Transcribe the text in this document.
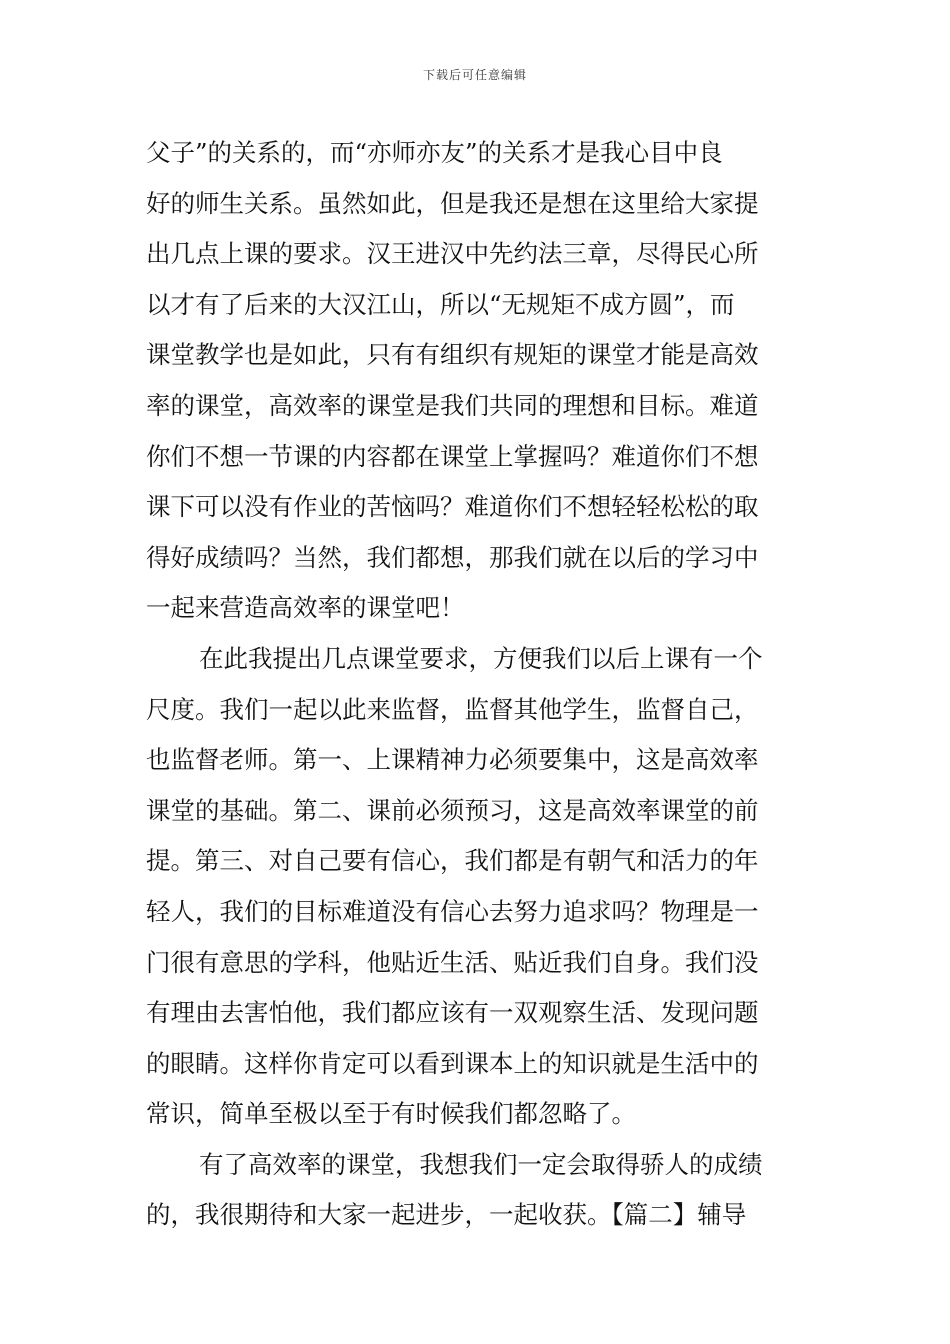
下载后可任意编辑
父子”的关系的，而“亦师亦友”的关系才是我心目中良
好的师生关系。虽然如此，但是我还是想在这里给大家提
出几点上课的要求。汉王进汉中先约法三章，尽得民心所
以才有了后来的大汉江山，所以“无规矩不成方圆”，而
课堂教学也是如此，只有有组织有规矩的课堂才能是高效
率的课堂，高效率的课堂是我们共同的理想和目标。难道
你们不想一节课的内容都在课堂上掌握吗？难道你们不想
课下可以没有作业的苦恼吗？难道你们不想轻轻松松的取
得好成绩吗？当然，我们都想，那我们就在以后的学习中
一起来营造高效率的课堂吧！
在此我提出几点课堂要求，方便我们以后上课有一个
尺度。我们一起以此来监督，监督其他学生，监督自己，
也监督老师。第一、上课精神力必须要集中，这是高效率
课堂的基础。第二、课前必须预习，这是高效率课堂的前
提。第三、对自己要有信心，我们都是有朝气和活力的年
轻人，我们的目标难道没有信心去努力追求吗？物理是一
门很有意思的学科，他贴近生活、贴近我们自身。我们没
有理由去害怕他，我们都应该有一双观察生活、发现问题
的眼睛。这样你肯定可以看到课本上的知识就是生活中的
常识，简单至极以至于有时候我们都忽略了。
有了高效率的课堂，我想我们一定会取得骄人的成绩
的，我很期待和大家一起进步，一起收获。【篇二】辅导
